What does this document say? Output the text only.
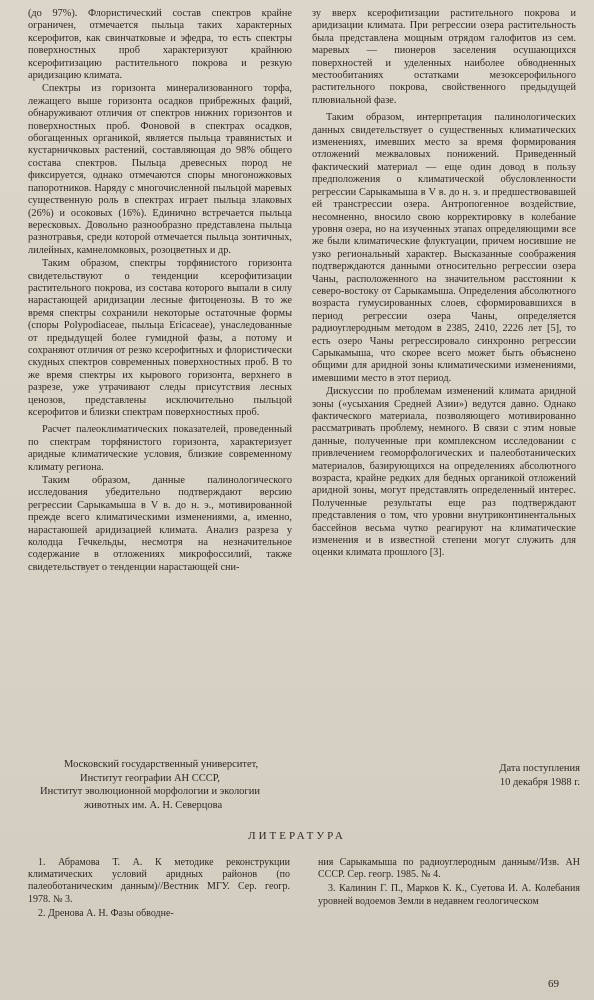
(до 97%). Флористический состав спектров крайне ограничен, отмечается пыльца таких характерных ксерофитов, как свинчатковые и эфедра, то есть спектры поверхностных проб характеризуют крайнюю ксерофитизацию растительного покрова и резкую аридизацию климата.

Спектры из горизонта минерализованного торфа, лежащего выше горизонта осадков прибрежных фаций, обнаруживают отличия от спектров нижних горизонтов и поверхностных проб. Фоновой в спектрах осадков, обогащенных органикой, является пыльца травянистых и кустарничковых растений, составляющая до 98% общего состава спектров. Пыльца древесных пород не фиксируется, однако отмечаются споры многоножковых папоротников. Наряду с многочисленной пыльцой маревых существенную роль в спектрах играет пыльца злаковых (26%) и осоковых (16%). Единично встречается пыльца вересковых. Довольно разнообразно представлена пыльца разнотравья, среди которой отмечается пыльца зонтичных, лилейных, камнеломковых, розоцветных и др.

Таким образом, спектры торфянистого горизонта свидетельствуют о тенденции ксерофитизации растительного покрова, из состава которого выпали в силу нарастающей аридизации лесные фитоценозы. В то же время спектры сохранили некоторые остаточные формы (споры Polypodiaceae, пыльца Ericaceae), унаследованные от предыдущей более гумидной фазы, а потому и сохраняют отличия от резко ксерофитных и флористически скудных спектров современных поверхностных проб. В то же время спектры их кырового горизонта, верхнего в разрезе, уже утрачивают следы присутствия лесных ценозов, представлены исключительно пыльцой ксерофитов и близки спектрам поверхностных проб.

Расчет палеоклиматических показателей, проведенный по спектрам торфянистого горизонта, характеризует аридные климатические условия, близкие современному климату региона.

Таким образом, данные палинологического исследования убедительно подтверждают версию регрессии Сарыкамыша в V в. до н. э., мотивированной прежде всего климатическими изменениями, а, именно, нарастаюшей аридизацией климата. Анализ разреза у колодца Гечкельды, несмотря на незначительное содержание в отложениях микрофоссилий, также свидетельствует о тенденции нарастающей сни-

зу вверх ксерофитизации растительного покрова и аридизации климата. При регрессии озера растительность была представлена мощным отрядом галофитов из сем. маревых — пионеров заселения осушающихся поверхностей и уделенных наиболее обводненных местообитаниях остатками мезоксерофильного растительного покрова, свойственного предыдущей плювиальной фазе.

Таким образом, интерпретация палинологических данных свидетельствует о существенных климатических изменениях, имевших место за время формирования отложений межваловых понижений. Приведенный фактический материал — еще один довод в пользу предположения о климатической обусловленности регрессии Сарыкамыша в V в. до н. э. и предшествовавшей ей трансгрессии озера. Антропогенное воздействие, несомненно, вносило свою корректировку в колебание уровня озера, но на изученных этапах определяющими все же были климатические флуктуации, причем носившие не узко региональный характер. Высказанные соображения подтверждаются данными относительно регрессии озера Чаны, расположенного на значительном расстоянии к северо-востоку от Сарыкамыша. Определения абсолютного возраста гумусированных слоев, сформировавшихся в период регрессии озера Чаны, определяется радиоуглеродным методом в 2385, 2410, 2226 лет [5], то есть озеро Чаны регрессировало синхронно регрессии Сарыкамыша, что скорее всего может быть объяснено общими для аридной зоны климатическими изменениями, имевшими место в этот период.

Дискуссии по проблемам изменений климата аридной зоны («усыхания Средней Азии») ведутся давно. Однако фактического материала, позволяющего мотивированно рассматривать проблему, немного. В связи с этим новые данные, полученные при комплексном исследовании с привлечением геоморфологических и палеоботанических материалов, базирующихся на определениях абсолютного возраста, крайне редких для бедных органикой отложений аридной зоны, могут представлять определенный интерес. Полученные результаты еще раз подтверждают представления о том, что уровни внутриконтинентальных бассейнов весьма чутко реагируют на климатические изменения и в известной степени могут служить для оценки климата прошлого [3].

Московский государственный университет,
Институт географии АН СССР,
Институт эволюционной морфологии и экологии
животных им. А. Н. Северцова
Дата поступления
10 декабря 1988 г.
ЛИТЕРАТУРА

1. Абрамова Т. А. К методике реконструкции климатических условий аридных районов (по палеоботаническим данным)//Вестник МГУ. Сер. геогр. 1978. № 3.

2. Дренова А. Н. Фазы обводне-

ния Сарыкамыша по радиоуглеродным данным//Изв. АН СССР. Сер. геогр. 1985. № 4.

3. Калинин Г. П., Марков К. К., Суетова И. А. Колебания уровней водоемов Земли в недавнем геологическом

69
